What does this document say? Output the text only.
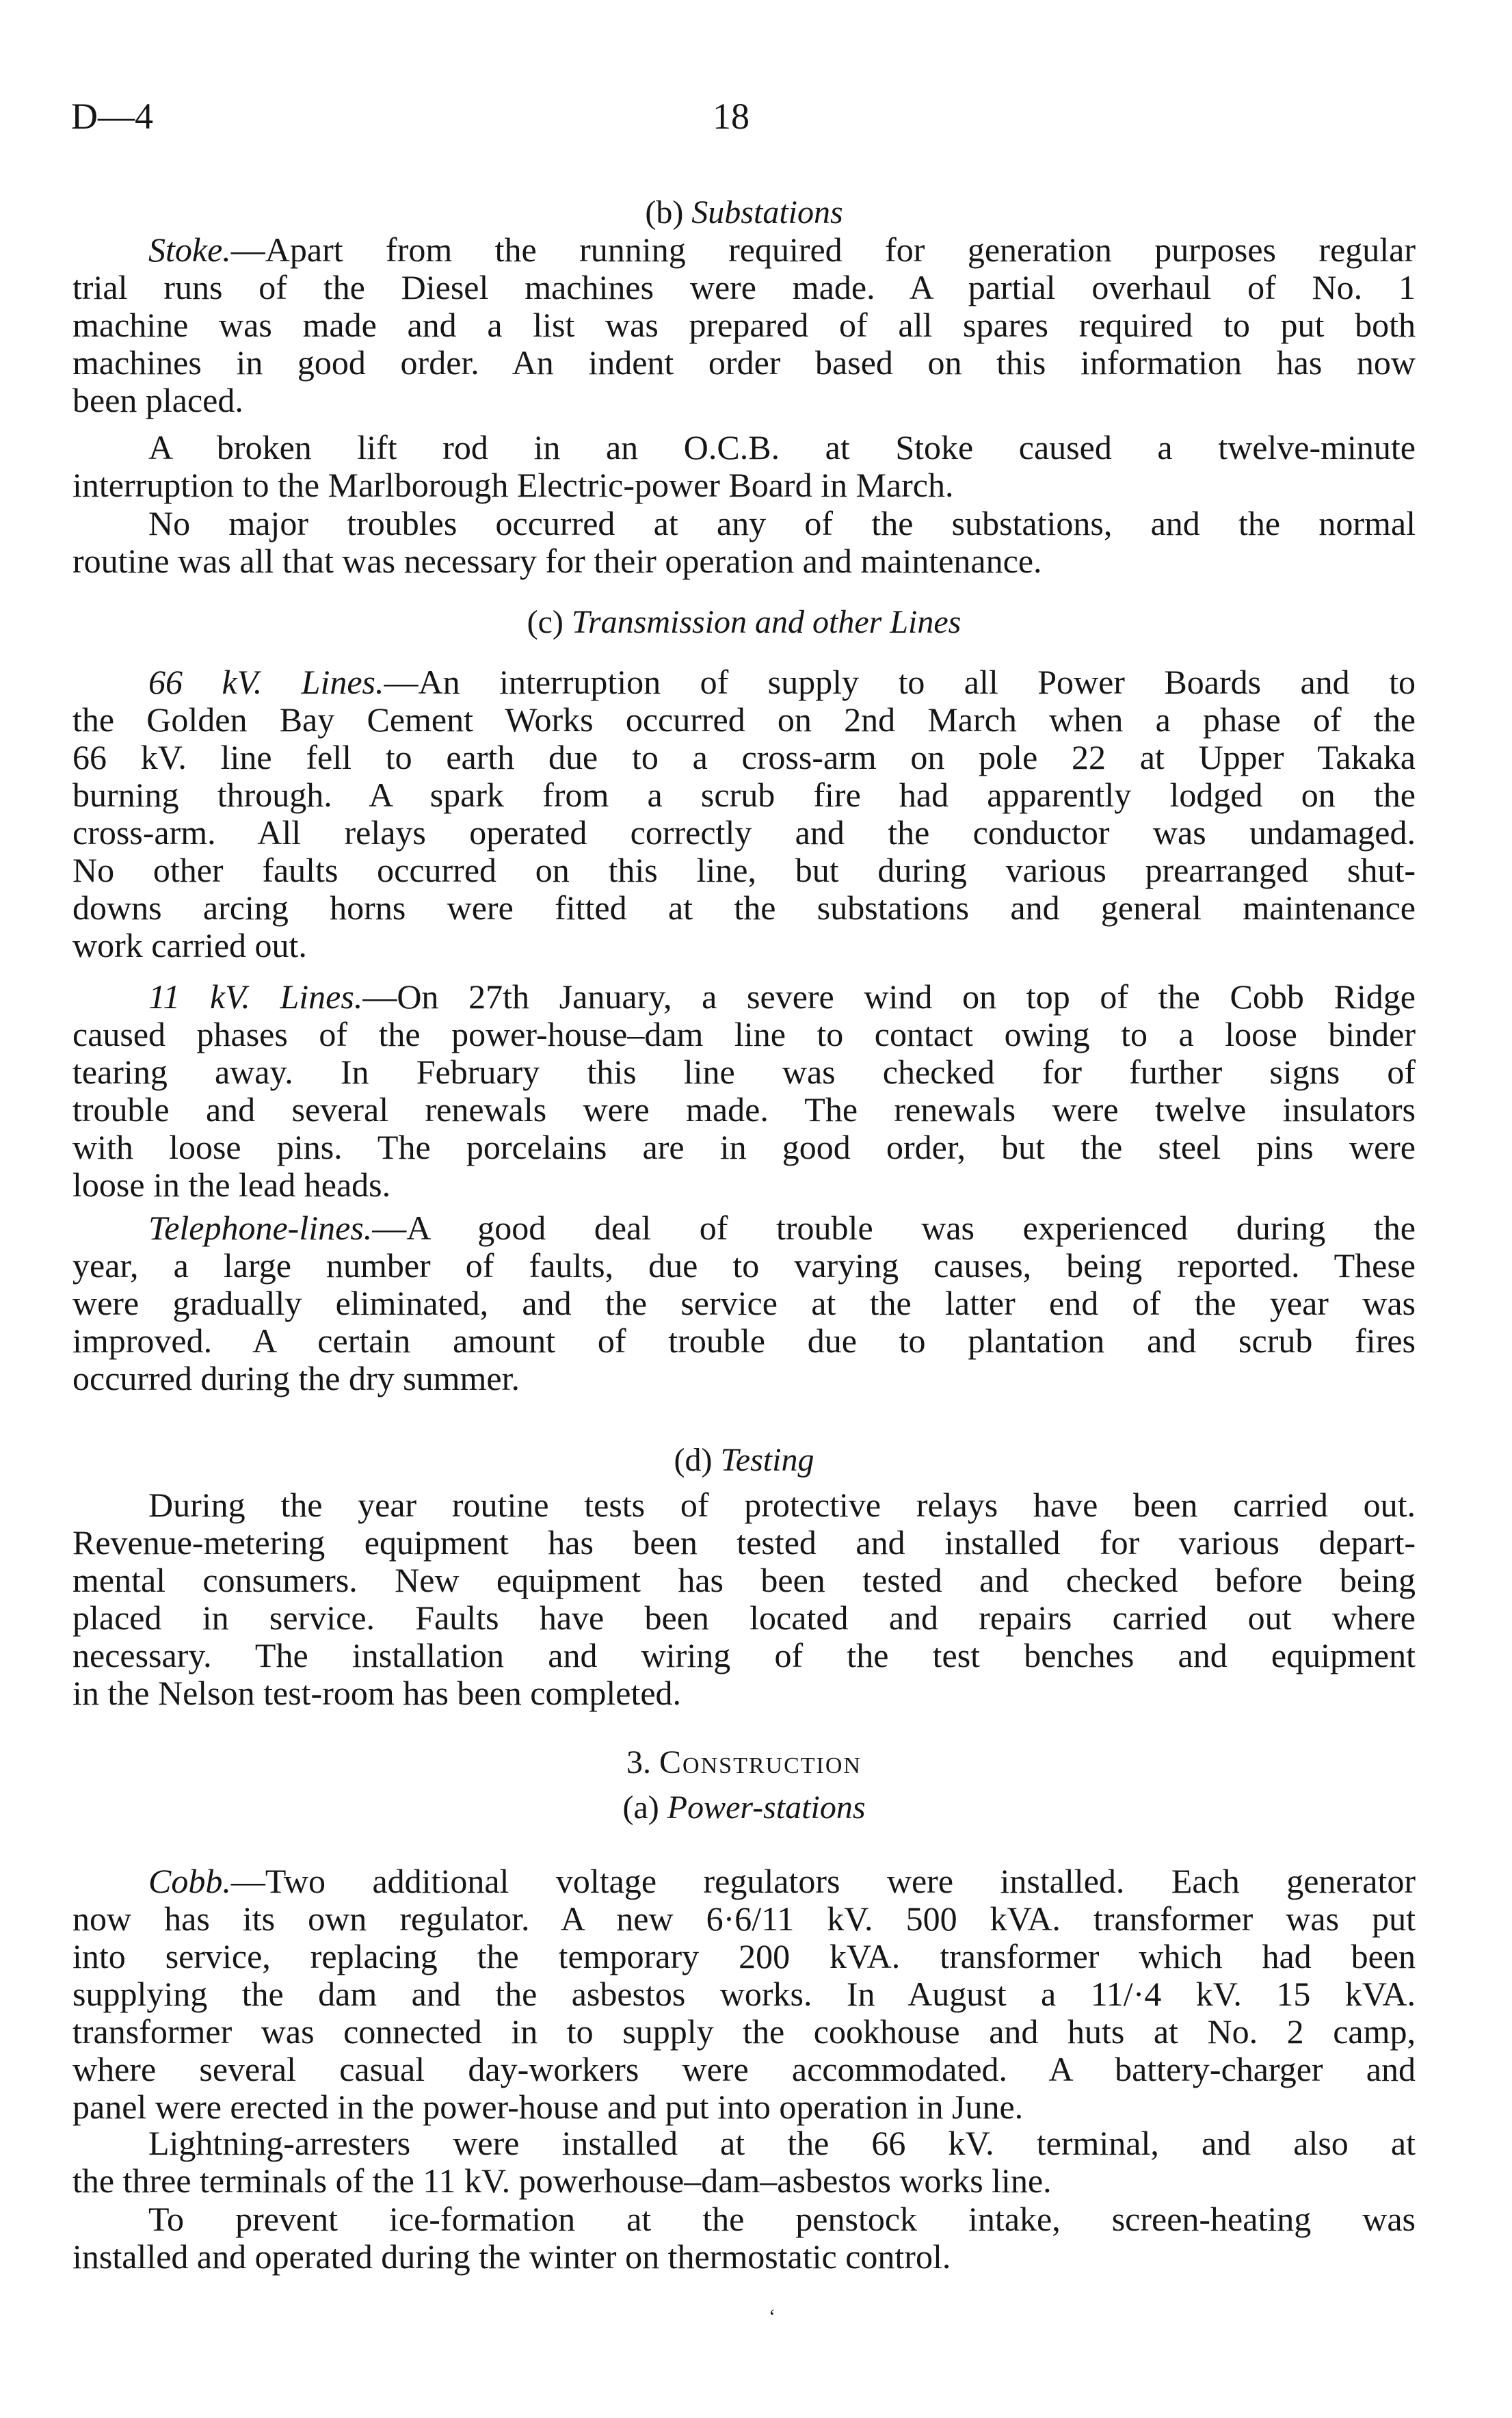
D—4	18
(b) Substations
Stoke.—Apart from the running required for generation purposes regular
trial runs of the Diesel machines were made. A partial overhaul of No. 1
machine was made and a list was prepared of all spares required to put both
machines in good order. An indent order based on this information has now
been placed.
A broken lift rod in an O.C.B. at Stoke caused a twelve-minute
interruption to the Marlborough Electric-power Board in March.
No major troubles occurred at any of the substations, and the normal
routine was all that was necessary for their operation and maintenance.
(c) Transmission and other Lines
66 kV. Lines.—An interruption of supply to all Power Boards and to
the Golden Bay Cement Works occurred on 2nd March when a phase of the
66 kV. line fell to earth due to a cross-arm on pole 22 at Upper Takaka
burning through. A spark from a scrub fire had apparently lodged on the
cross-arm. All relays operated correctly and the conductor was undamaged.
No other faults occurred on this line, but during various prearranged shut-
downs arcing horns were fitted at the substations and general maintenance
work carried out.
11 kV. Lines.—On 27th January, a severe wind on top of the Cobb Ridge
caused phases of the power-house–dam line to contact owing to a loose binder
tearing away. In February this line was checked for further signs of
trouble and several renewals were made. The renewals were twelve insulators
with loose pins. The porcelains are in good order, but the steel pins were
loose in the lead heads.
Telephone-lines.—A good deal of trouble was experienced during the
year, a large number of faults, due to varying causes, being reported. These
were gradually eliminated, and the service at the latter end of the year was
improved. A certain amount of trouble due to plantation and scrub fires
occurred during the dry summer.
(d) Testing
During the year routine tests of protective relays have been carried out.
Revenue-metering equipment has been tested and installed for various depart-
mental consumers. New equipment has been tested and checked before being
placed in service. Faults have been located and repairs carried out where
necessary. The installation and wiring of the test benches and equipment
in the Nelson test-room has been completed.
3. Construction
(a) Power-stations
Cobb.—Two additional voltage regulators were installed. Each generator
now has its own regulator. A new 6·6/11 kV. 500 kVA. transformer was put
into service, replacing the temporary 200 kVA. transformer which had been
supplying the dam and the asbestos works. In August a 11/·4 kV. 15 kVA.
transformer was connected in to supply the cookhouse and huts at No. 2 camp,
where several casual day-workers were accommodated. A battery-charger and
panel were erected in the power-house and put into operation in June.
Lightning-arresters were installed at the 66 kV. terminal, and also at
the three terminals of the 11 kV. powerhouse–dam–asbestos works line.
To prevent ice-formation at the penstock intake, screen-heating was
installed and operated during the winter on thermostatic control.
ʻ
